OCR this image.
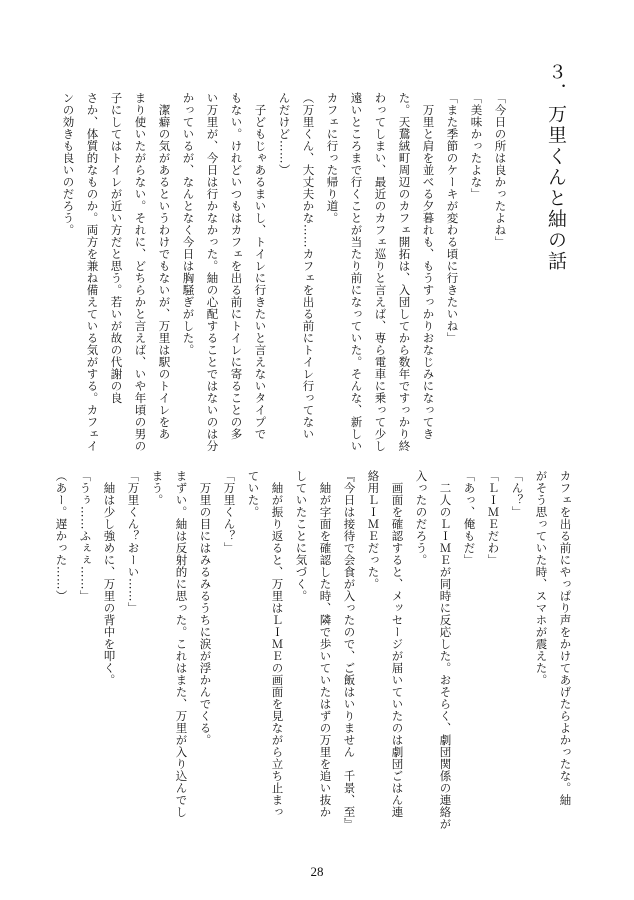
３．万里くんと紬の話
「今日の所は良かったよね」
「美味かったよな」
「また季節のケーキが変わる頃に行きたいね」
　万里と肩を並べる夕暮れも、もうすっかりおなじみになってき
た。天鵞絨町周辺のカフェ開拓は、入団してから数年ですっかり終
わってしまい、最近のカフェ巡りと言えば、専ら電車に乗って少し
遠いところまで行くことが当たり前になっていた。そんな、新しい
カフェに行った帰り道。
（万里くん、大丈夫かな……カフェを出る前にトイレ行ってない
んだけど……）
　子どもじゃあるまいし、トイレに行きたいと言えないタイプで
もない。けれどいつもはカフェを出る前にトイレに寄ることの多
い万里が、今日は行かなかった。紬の心配することではないのは分
かっているが、なんとなく今日は胸騒ぎがした。
　潔癖の気があるというわけでもないが、万里は駅のトイレをあ
まり使いたがらない。それに、どちらかと言えば、いや年頃の男の
子にしてはトイレが近い方だと思う。若いが故の代謝の良
さか、体質的なものか。両方を兼ね備えている気がする。カフェイ
ンの効きも良いのだろう。
カフェを出る前にやっぱり声をかけてあげたらよかったな。紬
がそう思っていた時、スマホが震えた。
「ん？」
「ＬＩＭＥだわ」
「あっ、俺もだ」
　二人のＬＩＭＥが同時に反応した。おそらく、劇団関係の連絡が
入ったのだろう。
　画面を確認すると、メッセージが届いていたのは劇団ごはん連
絡用ＬＩＭＥだった。
『今日は接待で会食が入ったので、ご飯はいりません　千景、至』
　紬が字面を確認した時、隣で歩いていたはずの万里を追い抜か
していたことに気づく。
　紬が振り返ると、万里はＬＩＭＥの画面を見ながら立ち止まっ
ていた。
「万里くん？」
　万里の目にはみるみるうちに涙が浮かんでくる。
まずい。紬は反射的に思った。これはまた、万里が入り込んでし
まう。
「万里くん？おーい……」
　紬は少し強めに、万里の背中を叩く。
「うぅ……ふぇぇ……」
（あー。遅かった……）
28
